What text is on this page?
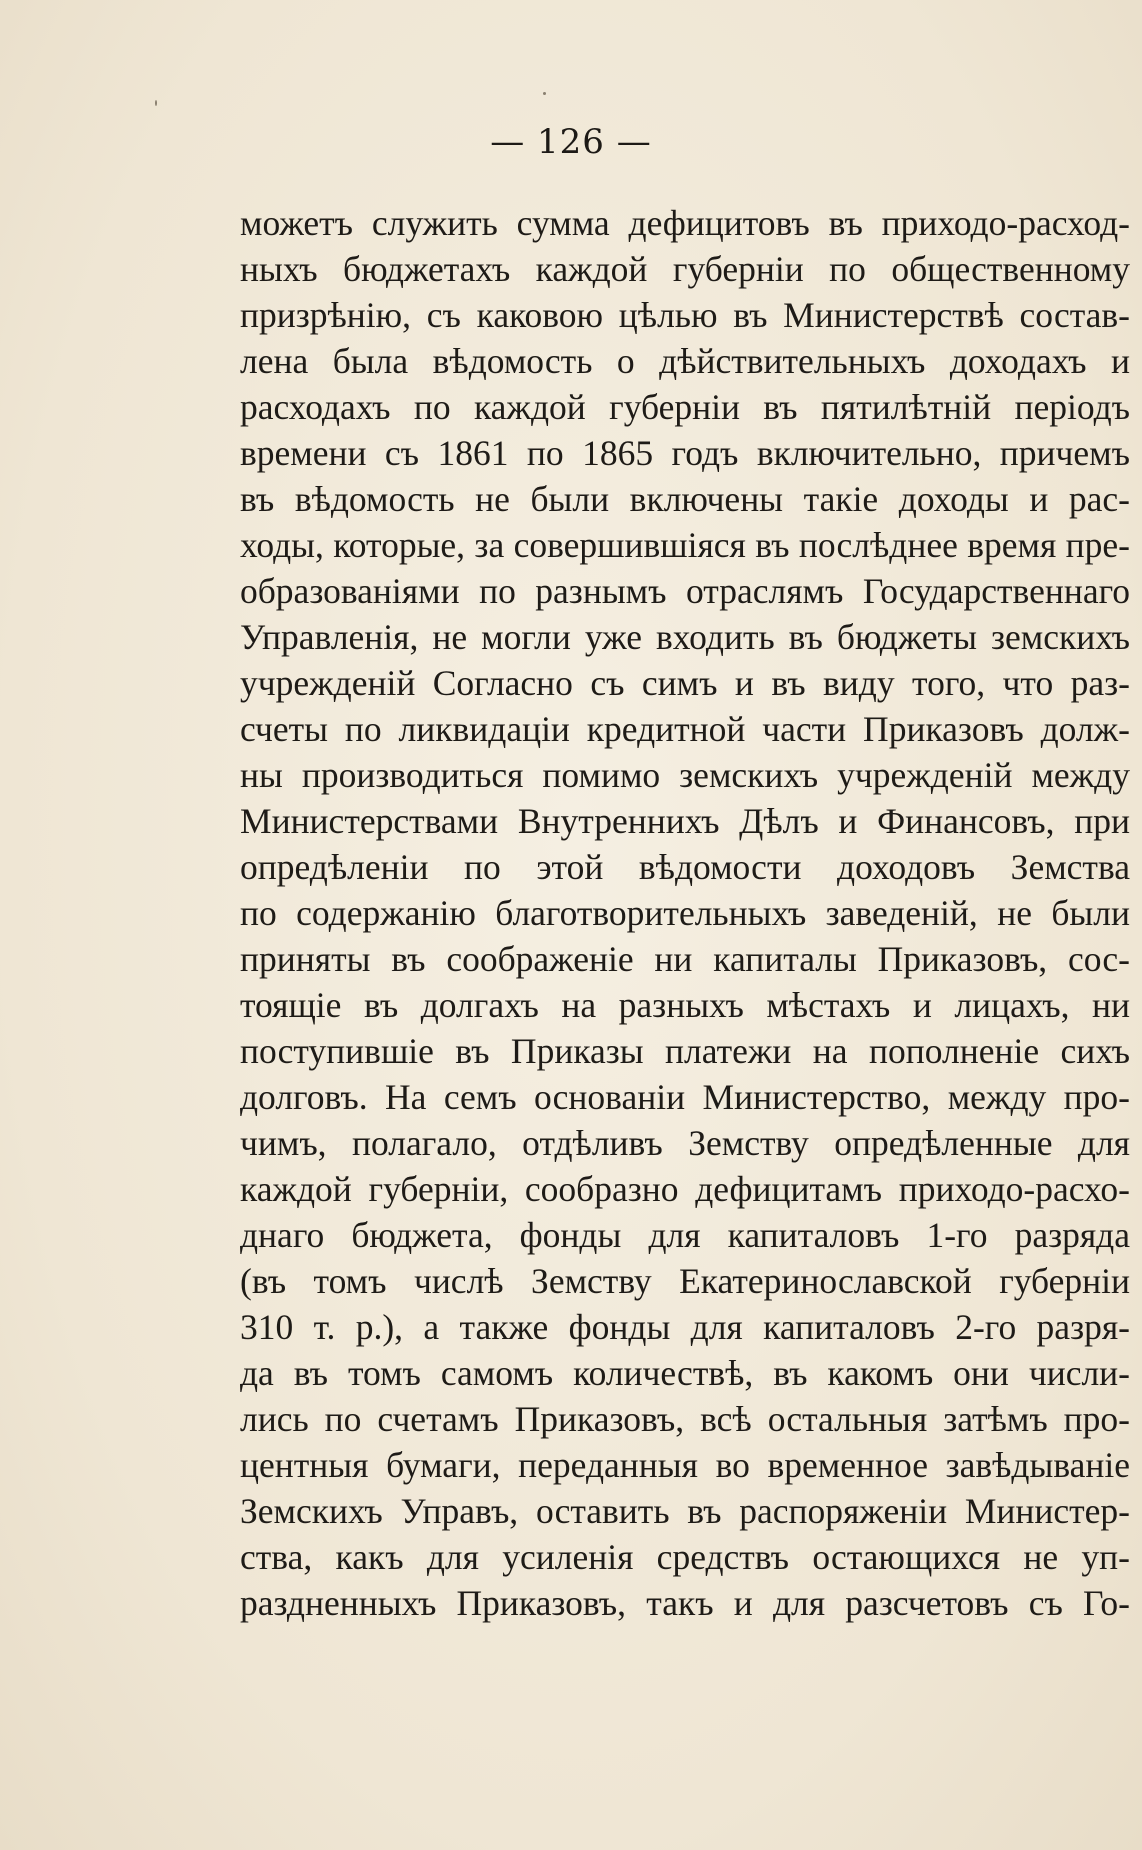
— 126 —
можетъ служить сумма дефицитовъ въ приходо-расход-
ныхъ бюджетахъ каждой губерніи по общественному
призрѣнію, съ каковою цѣлью въ Министерствѣ состав-
лена была вѣдомость о дѣйствительныхъ доходахъ и
расходахъ по каждой губерніи въ пятилѣтній періодъ
времени съ 1861 по 1865 годъ включительно, причемъ
въ вѣдомость не были включены такіе доходы и рас-
ходы, которые, за совершившіяся въ послѣднее время пре-
образованіями по разнымъ отраслямъ Государственнаго
Управленія, не могли уже входить въ бюджеты земскихъ
учрежденій Согласно съ симъ и въ виду того, что раз-
счеты по ликвидаціи кредитной части Приказовъ долж-
ны производиться помимо земскихъ учрежденій между
Министерствами Внутреннихъ Дѣлъ и Финансовъ, при
опредѣленіи по этой вѣдомости доходовъ Земства
по содержанію благотворительныхъ заведеній, не были
приняты въ соображеніе ни капиталы Приказовъ, сос-
тоящіе въ долгахъ на разныхъ мѣстахъ и лицахъ, ни
поступившіе въ Приказы платежи на пополненіе сихъ
долговъ. На семъ основаніи Министерство, между про-
чимъ, полагало, отдѣливъ Земству опредѣленные для
каждой губерніи, сообразно дефицитамъ приходо-расхо-
днаго бюджета, фонды для капиталовъ 1-го разряда
(въ томъ числѣ Земству Екатеринославской губерніи
310 т. р.), а также фонды для капиталовъ 2-го разря-
да въ томъ самомъ количествѣ, въ какомъ они числи-
лись по счетамъ Приказовъ, всѣ остальныя затѣмъ про-
центныя бумаги, переданныя во временное завѣдываніе
Земскихъ Управъ, оставить въ распоряженіи Министер-
ства, какъ для усиленія средствъ остающихся не уп-
раздненныхъ Приказовъ, такъ и для разсчетовъ съ Го-
